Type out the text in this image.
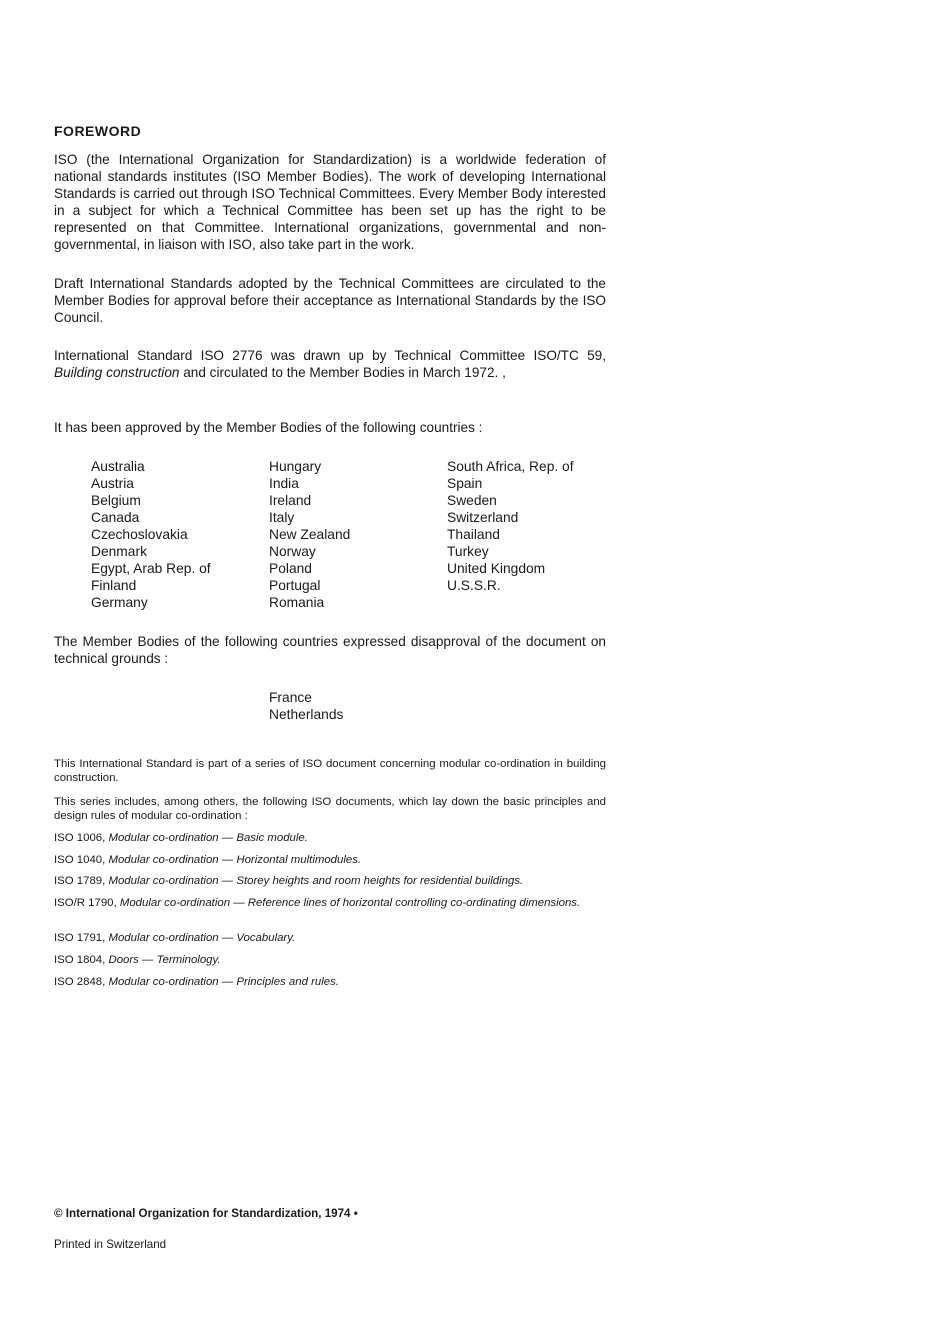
FOREWORD

ISO (the International Organization for Standardization) is a worldwide federation of national standards institutes (ISO Member Bodies). The work of developing International Standards is carried out through ISO Technical Committees. Every Member Body interested in a subject for which a Technical Committee has been set up has the right to be represented on that Committee. International organizations, governmental and non-governmental, in liaison with ISO, also take part in the work.

Draft International Standards adopted by the Technical Committees are circulated to the Member Bodies for approval before their acceptance as International Standards by the ISO Council.

International Standard ISO 2776 was drawn up by Technical Committee ISO/TC 59, Building construction and circulated to the Member Bodies in March 1972. ,

It has been approved by the Member Bodies of the following countries :

Australia
Austria
Belgium
Canada
Czechoslovakia
Denmark
Egypt, Arab Rep. of
Finland
Germany
Hungary
India
Ireland
Italy
New Zealand
Norway
Poland
Portugal
Romania
South Africa, Rep. of
Spain
Sweden
Switzerland
Thailand
Turkey
United Kingdom
U.S.S.R.

The Member Bodies of the following countries expressed disapproval of the document on technical grounds :

France
Netherlands

This International Standard is part of a series of ISO document concerning modular co-ordination in building construction.

This series includes, among others, the following ISO documents, which lay down the basic principles and design rules of modular co-ordination :

ISO 1006, Modular co-ordination — Basic module.

ISO 1040, Modular co-ordination — Horizontal multimodules.

ISO 1789, Modular co-ordination — Storey heights and room heights for residential buildings.

ISO/R 1790, Modular co-ordination — Reference lines of horizontal controlling co-ordinating dimensions.

ISO 1791, Modular co-ordination — Vocabulary.

ISO 1804, Doors — Terminology.

ISO 2848, Modular co-ordination — Principles and rules.

© International Organization for Standardization, 1974 •
Printed in Switzerland
